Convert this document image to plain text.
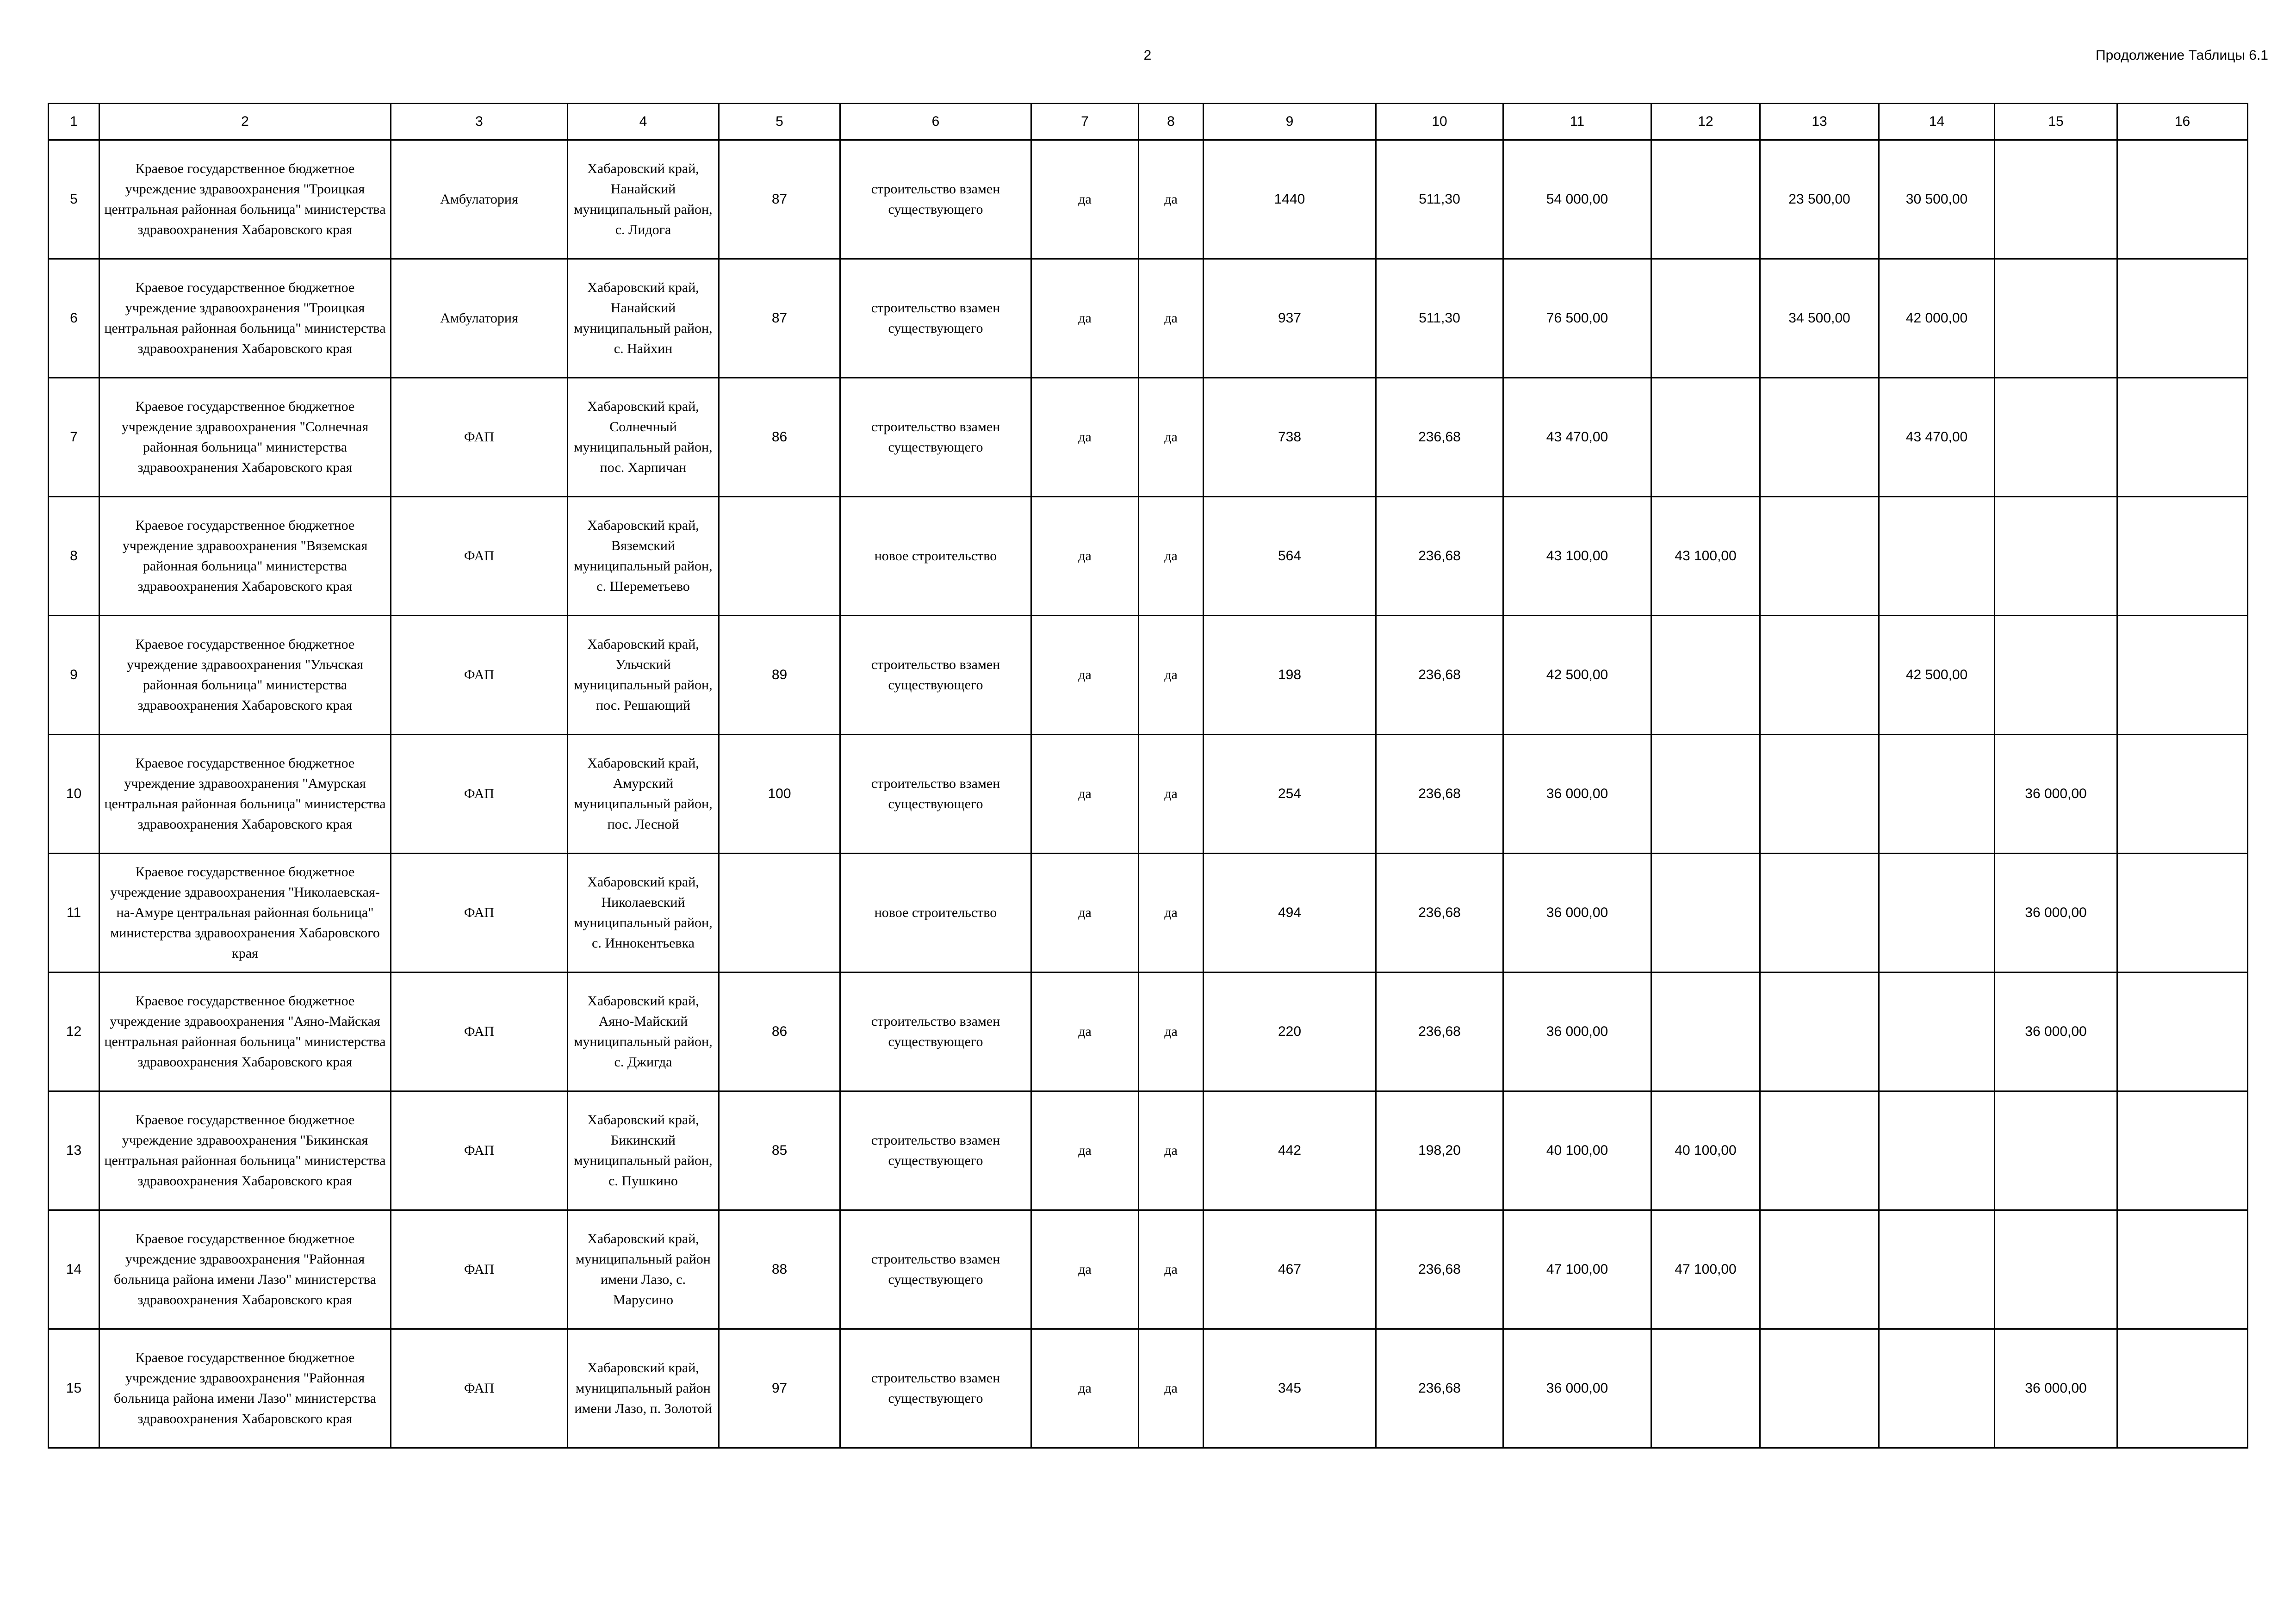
2	Продолжение Таблицы 6.1
1	2	3	4	5	6	7	8	9	10	11	12	13	14	15	16
5	Краевое государственное бюджетное учреждение здравоохранения "Троицкая центральная районная больница" министерства здравоохранения Хабаровского края	Амбулатория	Хабаровский край, Нанайский муниципальный район, с. Лидога	87	строительство взамен существующего	да	да	1440	511,30	54 000,00		23 500,00	30 500,00		
6	Краевое государственное бюджетное учреждение здравоохранения "Троицкая центральная районная больница" министерства здравоохранения Хабаровского края	Амбулатория	Хабаровский край, Нанайский муниципальный район, с. Найхин	87	строительство взамен существующего	да	да	937	511,30	76 500,00		34 500,00	42 000,00		
7	Краевое государственное бюджетное учреждение здравоохранения "Солнечная районная больница" министерства здравоохранения Хабаровского края	ФАП	Хабаровский край, Солнечный муниципальный район, пос. Харпичан	86	строительство взамен существующего	да	да	738	236,68	43 470,00			43 470,00		
8	Краевое государственное бюджетное учреждение здравоохранения "Вяземская районная больница" министерства здравоохранения Хабаровского края	ФАП	Хабаровский край, Вяземский муниципальный район, с. Шереметьево		новое строительство	да	да	564	236,68	43 100,00	43 100,00				
9	Краевое государственное бюджетное учреждение здравоохранения "Ульчская районная больница" министерства здравоохранения Хабаровского края	ФАП	Хабаровский край, Ульчский муниципальный район, пос. Решающий	89	строительство взамен существующего	да	да	198	236,68	42 500,00			42 500,00		
10	Краевое государственное бюджетное учреждение здравоохранения "Амурская центральная районная больница" министерства здравоохранения Хабаровского края	ФАП	Хабаровский край, Амурский муниципальный район, пос. Лесной	100	строительство взамен существующего	да	да	254	236,68	36 000,00				36 000,00	
11	Краевое государственное бюджетное учреждение здравоохранения "Николаевская-на-Амуре центральная районная больница" министерства здравоохранения Хабаровского края	ФАП	Хабаровский край, Николаевский муниципальный район, с. Иннокентьевка		новое строительство	да	да	494	236,68	36 000,00				36 000,00	
12	Краевое государственное бюджетное учреждение здравоохранения "Аяно-Майская центральная районная больница" министерства здравоохранения Хабаровского края	ФАП	Хабаровский край, Аяно-Майский муниципальный район, с. Джигда	86	строительство взамен существующего	да	да	220	236,68	36 000,00				36 000,00	
13	Краевое государственное бюджетное учреждение здравоохранения "Бикинская центральная районная больница" министерства здравоохранения Хабаровского края	ФАП	Хабаровский край, Бикинский муниципальный район, с. Пушкино	85	строительство взамен существующего	да	да	442	198,20	40 100,00	40 100,00				
14	Краевое государственное бюджетное учреждение здравоохранения "Районная больница района имени Лазо" министерства здравоохранения Хабаровского края	ФАП	Хабаровский край, муниципальный район имени Лазо, с. Марусино	88	строительство взамен существующего	да	да	467	236,68	47 100,00	47 100,00				
15	Краевое государственное бюджетное учреждение здравоохранения "Районная больница района имени Лазо" министерства здравоохранения Хабаровского края	ФАП	Хабаровский край, муниципальный район имени Лазо, п. Золотой	97	строительство взамен существующего	да	да	345	236,68	36 000,00				36 000,00	
